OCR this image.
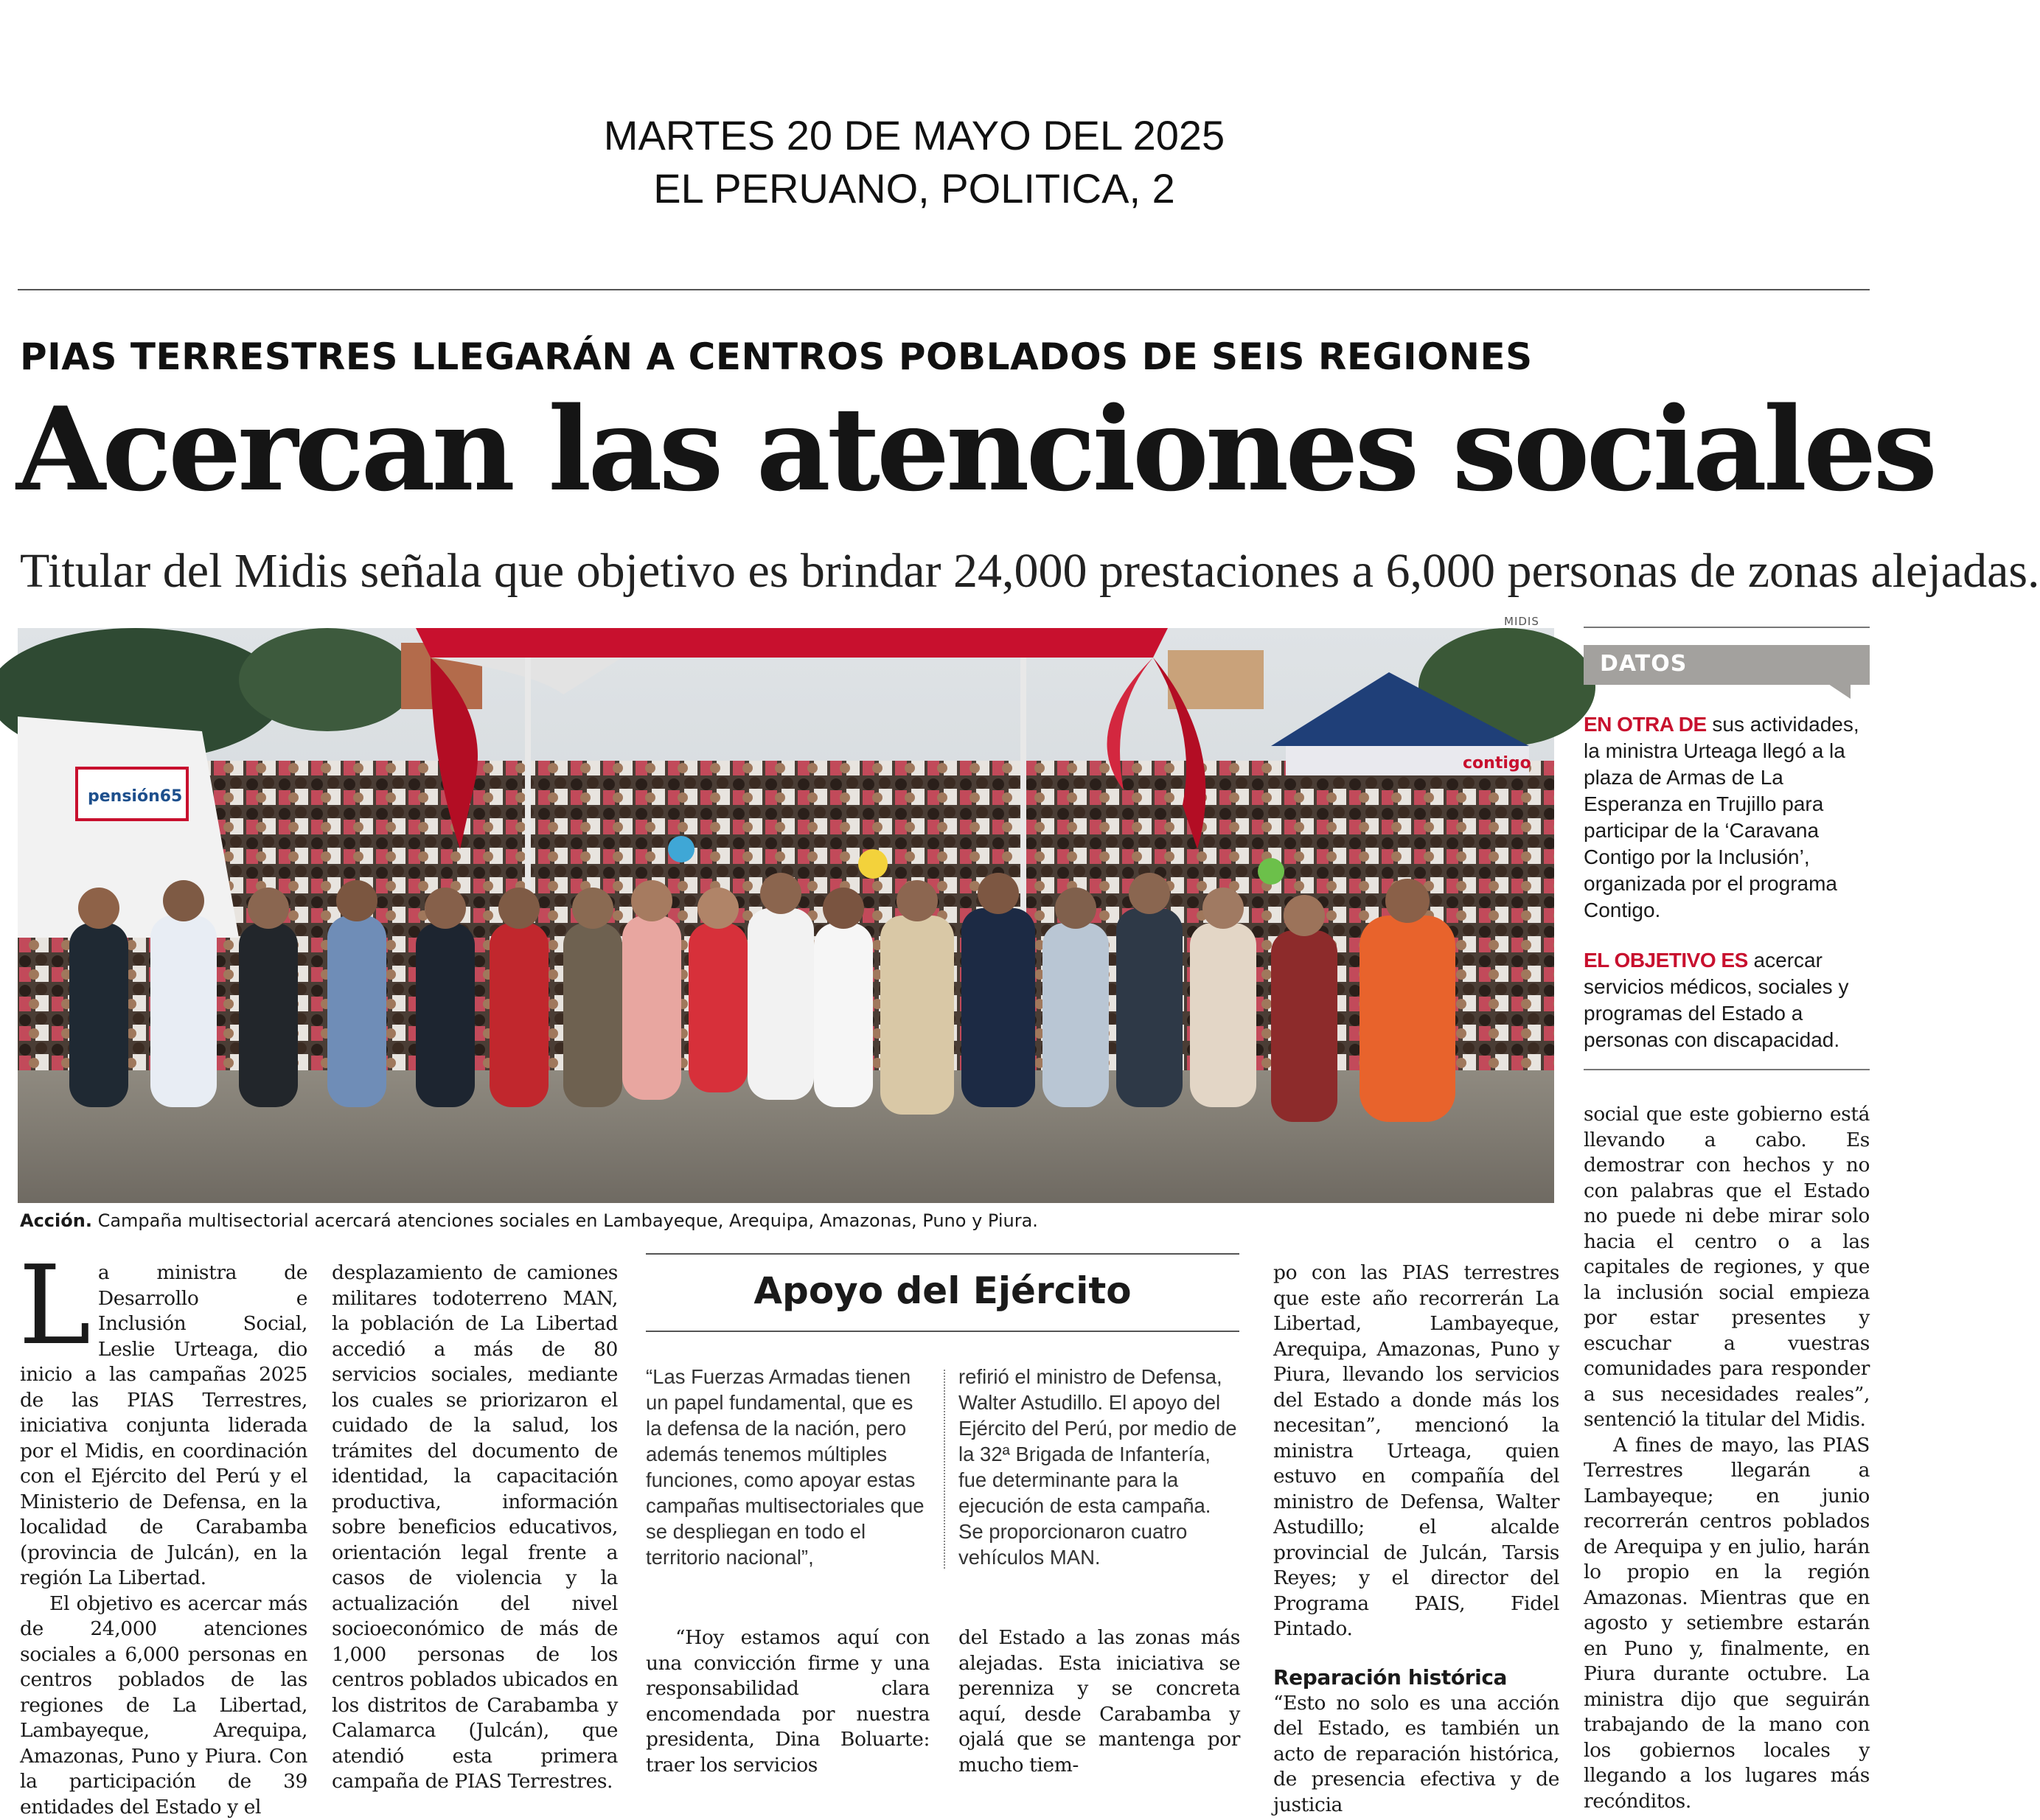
MARTES 20 DE MAYO DEL 2025
EL PERUANO, POLITICA, 2
PIAS TERRESTRES LLEGARÁN A CENTROS POBLADOS DE SEIS REGIONES
Acercan las atenciones sociales
Titular del Midis señala que objetivo es brindar 24,000 prestaciones a 6,000 personas de zonas alejadas.
MIDIS
pensión65
contigo
Acción. Campaña multisectorial acercará atenciones sociales en Lambayeque, Arequipa, Amazonas, Puno y Piura.
DATOS
EN OTRA DE sus actividades, la ministra Urteaga llegó a la plaza de Armas de La Esperanza en Trujillo para participar de la ‘Caravana Contigo por la Inclusión’, organizada por el programa Contigo.
EL OBJETIVO ES acercar servicios médicos, sociales y programas del Estado a personas con discapacidad.

La ministra de Desarrollo e Inclusión Social, Leslie Urteaga, dio inicio a las campañas 2025 de las PIAS Terrestres, iniciativa conjunta liderada por el Midis, en coordinación con el Ejército del Perú y el Ministerio de Defensa, en la localidad de Carabamba (provincia de Julcán), en la región La Libertad.

El objetivo es acercar más de 24,000 atenciones sociales a 6,000 personas en centros poblados de las regiones de La Libertad, Lambayeque, Arequipa, Amazonas, Puno y Piura. Con la participación de 39 entidades del Estado y el

desplazamiento de camiones militares todoterreno MAN, la población de La Libertad accedió a más de 80 servicios sociales, mediante los cuales se priorizaron el cuidado de la salud, los trámites del documento de identidad, la capacitación productiva, información sobre beneficios educativos, orientación legal frente a casos de violencia y la actualización del nivel socioeconómico de más de 1,000 personas de los centros poblados ubicados en los distritos de Carabamba y Calamarca (Julcán), que atendió esta primera campaña de PIAS Terrestres.

Apoyo del Ejército
“Las Fuerzas Armadas tienen un papel fundamental, que es la defensa de la nación, pero además tenemos múltiples funciones, como apoyar estas campañas multisectoriales que se despliegan en todo el territorio nacional”,
refirió el ministro de Defensa, Walter Astudillo. El apoyo del Ejército del Perú, por medio de la 32ª Brigada de Infantería, fue determinante para la ejecución de esta campaña. Se proporcionaron cuatro vehículos MAN.

“Hoy estamos aquí con una convicción firme y una responsabilidad clara encomendada por nuestra presidenta, Dina Boluarte: traer los servicios

del Estado a las zonas más alejadas. Esta iniciativa se perenniza y se concreta aquí, desde Carabamba y ojalá que se mantenga por mucho tiem-

po con las PIAS terrestres que este año recorrerán La Libertad, Lambayeque, Arequipa, Amazonas, Puno y Piura, llevando los servicios del Estado a donde más los necesitan”, mencionó la ministra Urteaga, quien estuvo en compañía del ministro de Defensa, Walter Astudillo; el alcalde provincial de Julcán, Tarsis Reyes; y el director del Programa PAIS, Fidel Pintado.

Reparación histórica

“Esto no solo es una acción del Estado, es también un acto de reparación histórica, de presencia efectiva y de justicia

social que este gobierno está llevando a cabo. Es demostrar con hechos y no con palabras que el Estado no puede ni debe mirar solo hacia el centro o a las capitales de regiones, y que la inclusión social empieza por estar presentes y escuchar a vuestras comunidades para responder a sus necesidades reales”, sentenció la titular del Midis.

A fines de mayo, las PIAS Terrestres llegarán a Lambayeque; en junio recorrerán centros poblados de Arequipa y en julio, harán lo propio en la región Amazonas. Mientras que en agosto y setiembre estarán en Puno y, finalmente, en Piura durante octubre. La ministra dijo que seguirán trabajando de la mano con los gobiernos locales y llegando a los lugares más recónditos.
